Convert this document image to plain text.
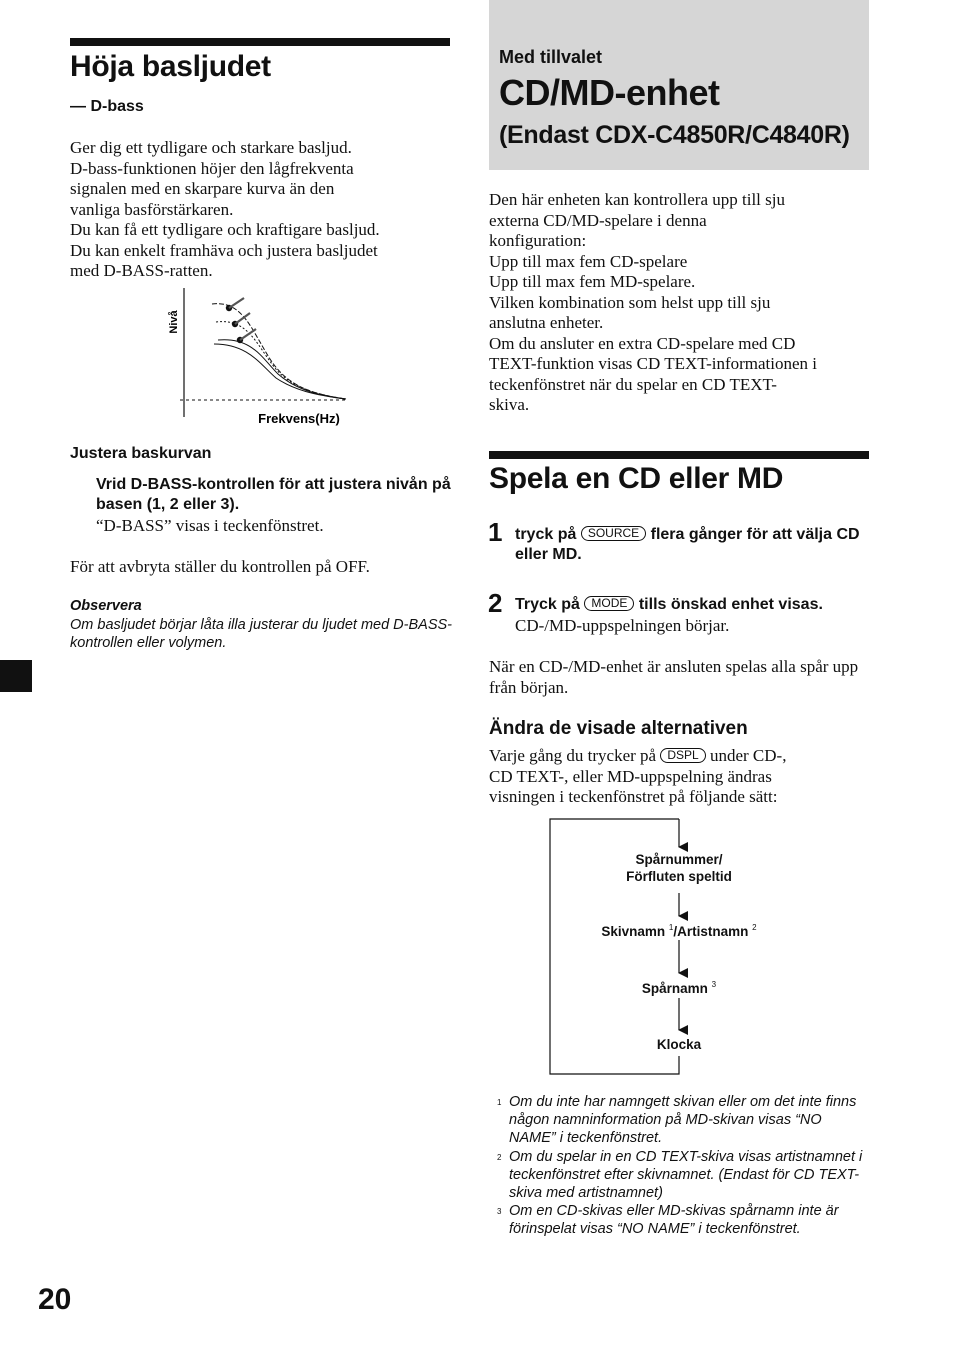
Höja basljudet
— D-bass
Ger dig ett tydligare och starkare basljud.
D-bass-funktionen höjer den lågfrekventa
signalen med en skarpare kurva än den
vanliga basförstärkaren.
Du kan få ett tydligare och kraftigare basljud.
Du kan enkelt framhäva och justera basljudet
med D-BASS-ratten.
Nivå
Frekvens(Hz)
Justera baskurvan
Vrid D-BASS-kontrollen för att justera nivån på basen (1, 2 eller 3).
“D-BASS” visas i teckenfönstret.
För att avbryta ställer du kontrollen på OFF.
Observera
Om basljudet börjar låta illa justerar du ljudet med D-BASS-kontrollen eller volymen.
20
Med tillvalet
CD/MD-enhet
(Endast CDX-C4850R/C4840R)
Den här enheten kan kontrollera upp till sju
externa CD/MD-spelare i denna
konfiguration:
Upp till max fem CD-spelare
Upp till max fem MD-spelare.
Vilken kombination som helst upp till sju
anslutna enheter.
Om du ansluter en extra CD-spelare med CD
TEXT-funktion visas CD TEXT-informationen i
teckenfönstret när du spelar en CD TEXT-
skiva.
Spela en CD eller MD
1 tryck på SOURCE flera gånger för att välja CD eller MD.
2 Tryck på MODE tills önskad enhet visas.
CD-/MD-uppspelningen börjar.
När en CD-/MD-enhet är ansluten spelas alla spår upp från början.
Ändra de visade alternativen
Varje gång du trycker på DSPL under CD-,
CD TEXT-, eller MD-uppspelning ändras
visningen i teckenfönstret på följande sätt:
Spårnummer/
Förfluten speltid
Skivnamn $^1$/Artistnamn $^2$
Spårnamn $^3$
Klocka
1 Om du inte har namngett skivan eller om det inte finns någon namninformation på MD-skivan visas “NO NAME” i teckenfönstret.
2 Om du spelar in en CD TEXT-skiva visas artistnamnet i teckenfönstret efter skivnamnet. (Endast för CD TEXT-skiva med artistnamnet)
3 Om en CD-skivas eller MD-skivas spårnamn inte är förinspelat visas “NO NAME” i teckenfönstret.
